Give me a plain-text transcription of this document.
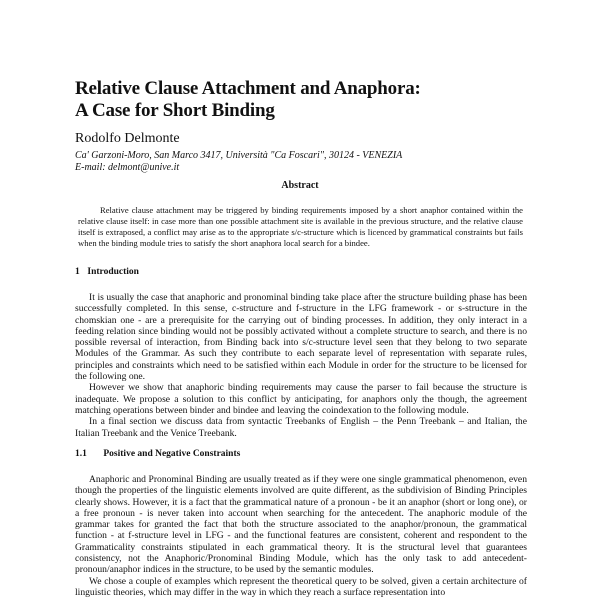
Relative Clause Attachment and Anaphora:
A Case for Short Binding
Rodolfo Delmonte
Ca' Garzoni-Moro, San Marco 3417, Università "Ca Foscari", 30124 - VENEZIA
E-mail: delmont@unive.it
Abstract

Relative clause attachment may be triggered by binding requirements imposed by a short anaphor contained within the relative clause itself: in case more than one possible attachment site is available in the previous structure, and the relative clause itself is extraposed, a conflict may arise as to the appropriate s/c-structure which is licenced by grammatical constraints but fails when the binding module tries to satisfy the short anaphora local search for a bindee.

1 Introduction

It is usually the case that anaphoric and pronominal binding take place after the structure building phase has been successfully completed. In this sense, c-structure and f-structure in the LFG framework - or s-structure in the chomskian one - are a prerequisite for the carrying out of binding processes. In addition, they only interact in a feeding relation since binding would not be possibly activated without a complete structure to search, and there is no possible reversal of interaction, from Binding back into s/c-structure level seen that they belong to two separate Modules of the Grammar. As such they contribute to each separate level of representation with separate rules, principles and constraints which need to be satisfied within each Module in order for the structure to be licensed for the following one.

However we show that anaphoric binding requirements may cause the parser to fail because the structure is inadequate. We propose a solution to this conflict by anticipating, for anaphors only the though, the agreement matching operations between binder and bindee and leaving the coindexation to the following module.

In a final section we discuss data from syntactic Treebanks of English – the Penn Treebank – and Italian, the Italian Treebank and the Venice Treebank.

1.1 Positive and Negative Constraints

Anaphoric and Pronominal Binding are usually treated as if they were one single grammatical phenomenon, even though the properties of the linguistic elements involved are quite different, as the subdivision of Binding Principles clearly shows. However, it is a fact that the grammatical nature of a pronoun - be it an anaphor (short or long one), or a free pronoun - is never taken into account when searching for the antecedent. The anaphoric module of the grammar takes for granted the fact that both the structure associated to the anaphor/pronoun, the grammatical function - at f-structure level in LFG - and the functional features are consistent, coherent and respondent to the Grammaticality constraints stipulated in each grammatical theory. It is the structural level that guarantees consistency, not the Anaphoric/Pronominal Binding Module, which has the only task to add antecedent-pronoun/anaphor indices in the structure, to be used by the semantic modules.

We chose a couple of examples which represent the theoretical query to be solved, given a certain architecture of linguistic theories, which may differ in the way in which they reach a surface representation into
